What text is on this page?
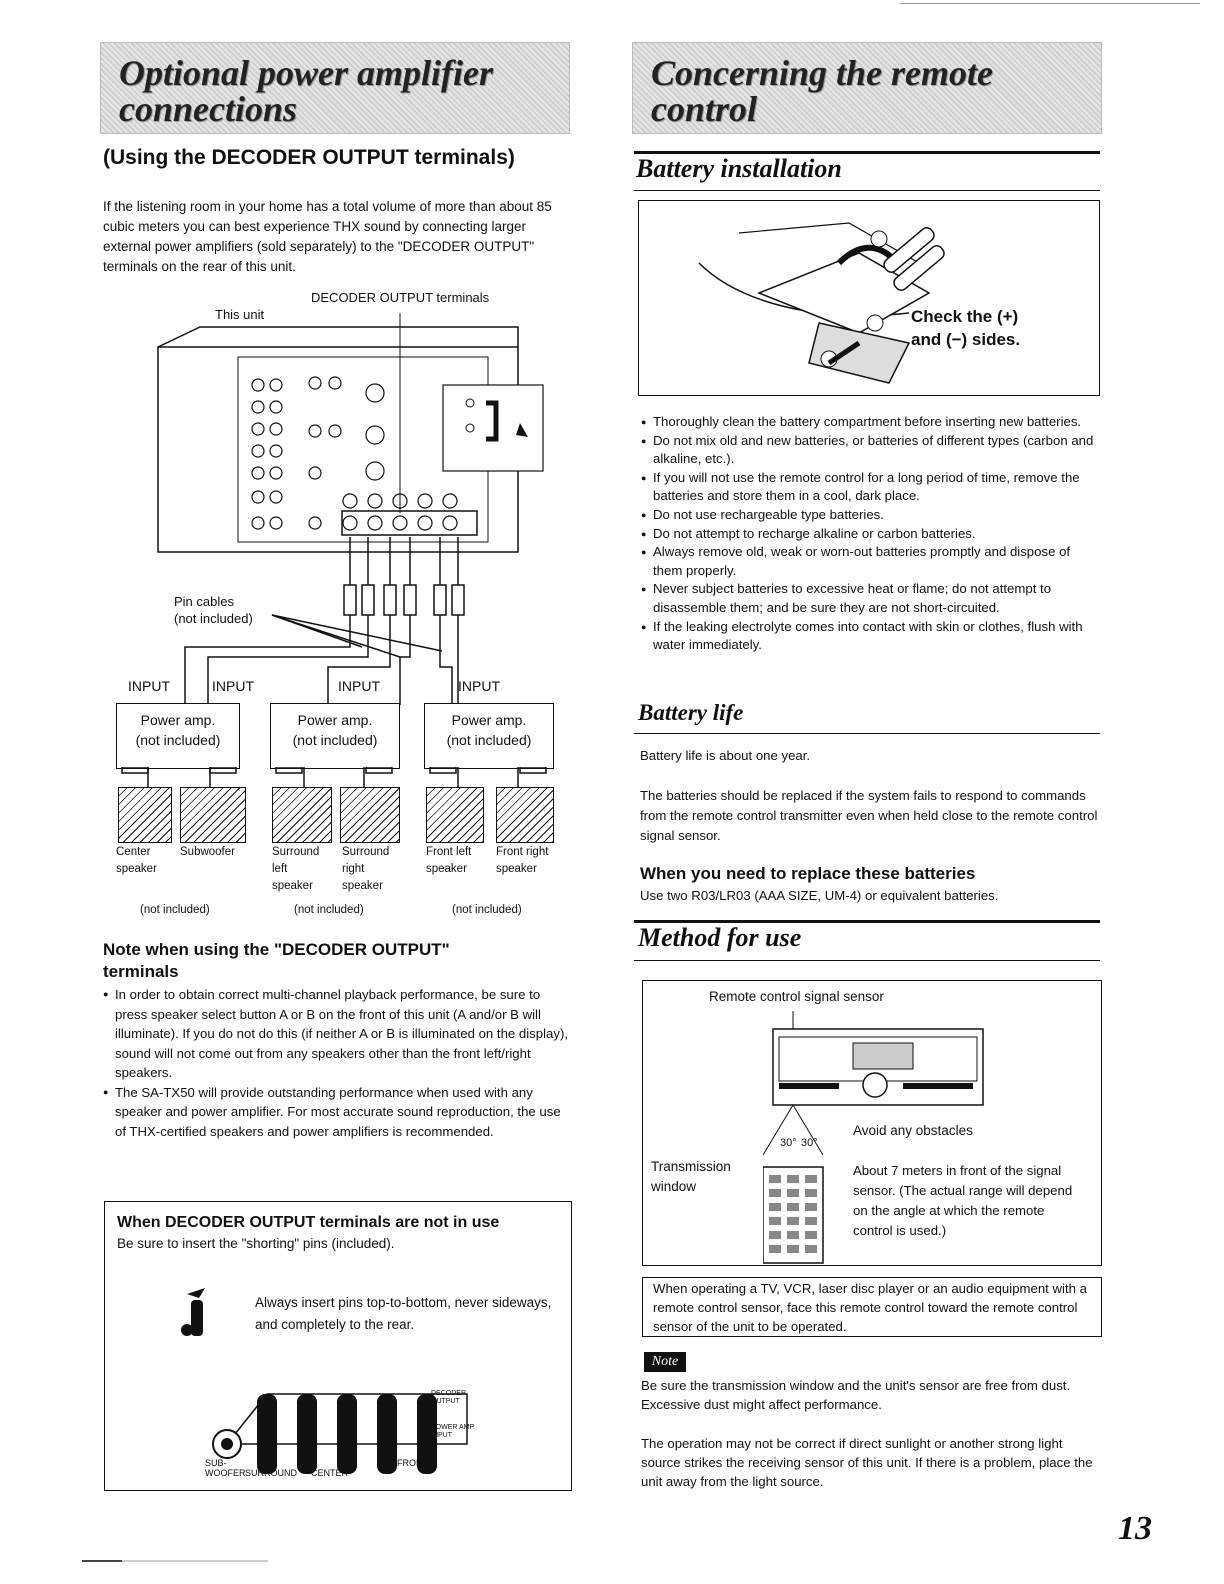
Optional power amplifier connections
(Using the DECODER OUTPUT terminals)
If the listening room in your home has a total volume of more than about 85 cubic meters you can best experience THX sound by connecting larger external power amplifiers (sold separately) to the "DECODER OUTPUT" terminals on the rear of this unit.
DECODER OUTPUT terminals
This unit
Pin cables
(not included)
INPUT	INPUT	INPUT	INPUT
Power amp.
(not included)
Power amp.
(not included)
Power amp.
(not included)
Center speaker
Subwoofer	Surround left speaker
Surround right speaker
Front left speaker
Front right speaker
(not included)	(not included)	(not included)
Note when using the "DECODER OUTPUT" terminals
● In order to obtain correct multi-channel playback performance, be sure to press speaker select button A or B on the front of this unit (A and/or B will illuminate). If you do not do this (if neither A or B is illuminated on the display), sound will not come out from any speakers other than the front left/right speakers.
● The SA-TX50 will provide outstanding performance when used with any speaker and power amplifier. For most accurate sound reproduction, the use of THX-certified speakers and power amplifiers is recommended.
When DECODER OUTPUT terminals are not in use
Be sure to insert the "shorting" pins (included).
Always insert pins top-to-bottom, never sideways, and completely to the rear.
SUB-
WOOFER SURROUND CENTER
FRONT
DECODER OUTPUT
POWER AMP INPUT
Concerning the remote control
Battery installation
Check the (+) and (−) sides.
● Thoroughly clean the battery compartment before inserting new batteries.
● Do not mix old and new batteries, or batteries of different types (carbon and alkaline, etc.).
● If you will not use the remote control for a long period of time, remove the batteries and store them in a cool, dark place.
● Do not use rechargeable type batteries.
● Do not attempt to recharge alkaline or carbon batteries.
● Always remove old, weak or worn-out batteries promptly and dispose of them properly.
● Never subject batteries to excessive heat or flame; do not attempt to disassemble them; and be sure they are not short-circuited.
● If the leaking electrolyte comes into contact with skin or clothes, flush with water immediately.
Battery life
Battery life is about one year.
The batteries should be replaced if the system fails to respond to commands from the remote control transmitter even when held close to the remote control signal sensor.
When you need to replace these batteries
Use two R03/LR03 (AAA SIZE, UM-4) or equivalent batteries.
Method for use
Remote control signal sensor
30° 30°
Avoid any obstacles
Transmission window
About 7 meters in front of the signal sensor. (The actual range will depend on the angle at which the remote control is used.)
When operating a TV, VCR, laser disc player or an audio equipment with a remote control sensor, face this remote control toward the remote control sensor of the unit to be operated.
Note
Be sure the transmission window and the unit's sensor are free from dust. Excessive dust might affect performance.
The operation may not be correct if direct sunlight or another strong light source strikes the receiving sensor of this unit. If there is a problem, place the unit away from the light source.
13
